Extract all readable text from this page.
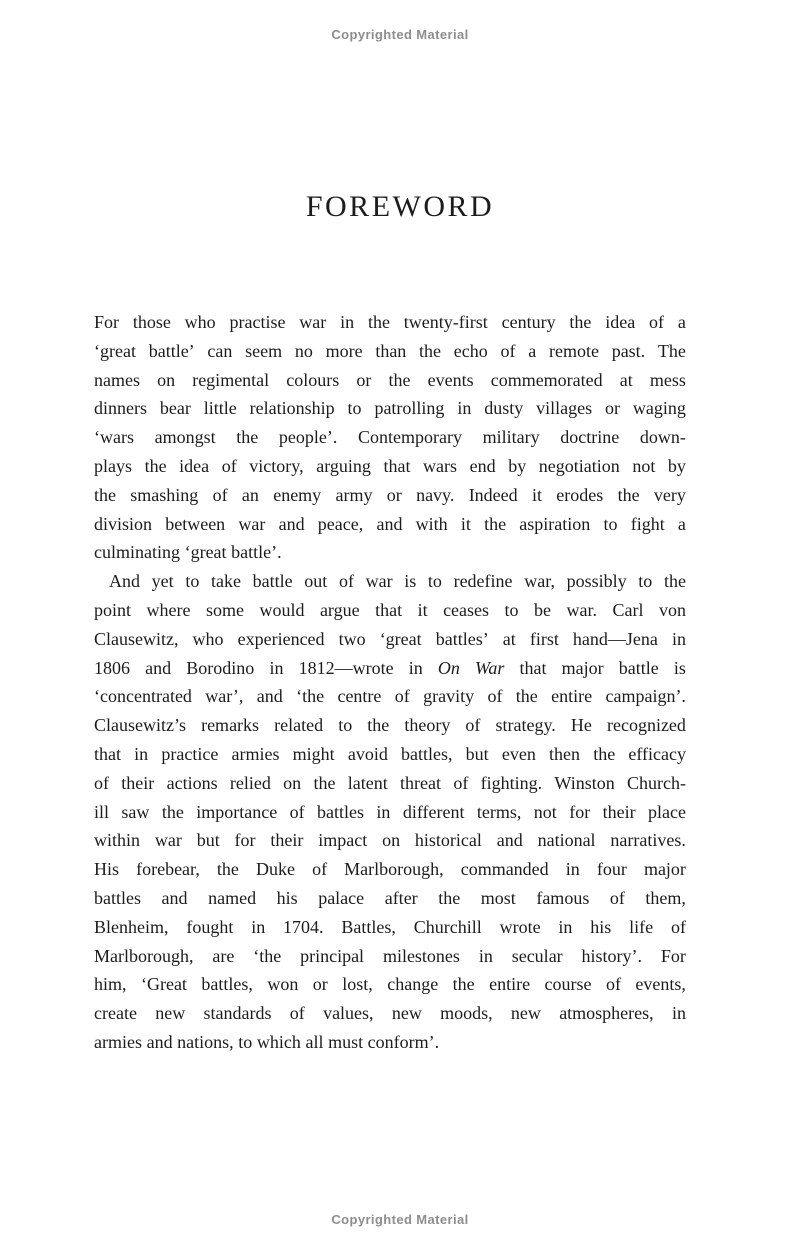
Copyrighted Material
FOREWORD
For those who practise war in the twenty-first century the idea of a
‘great battle’ can seem no more than the echo of a remote past. The
names on regimental colours or the events commemorated at mess
dinners bear little relationship to patrolling in dusty villages or waging
‘wars amongst the people’. Contemporary military doctrine down-
plays the idea of victory, arguing that wars end by negotiation not by
the smashing of an enemy army or navy. Indeed it erodes the very
division between war and peace, and with it the aspiration to fight a
culminating ‘great battle’.
And yet to take battle out of war is to redefine war, possibly to the
point where some would argue that it ceases to be war. Carl von
Clausewitz, who experienced two ‘great battles’ at first hand—Jena in
1806 and Borodino in 1812—wrote in On War that major battle is
‘concentrated war’, and ‘the centre of gravity of the entire campaign’.
Clausewitz’s remarks related to the theory of strategy. He recognized
that in practice armies might avoid battles, but even then the efficacy
of their actions relied on the latent threat of fighting. Winston Church-
ill saw the importance of battles in different terms, not for their place
within war but for their impact on historical and national narratives.
His forebear, the Duke of Marlborough, commanded in four major
battles and named his palace after the most famous of them,
Blenheim, fought in 1704. Battles, Churchill wrote in his life of
Marlborough, are ‘the principal milestones in secular history’. For
him, ‘Great battles, won or lost, change the entire course of events,
create new standards of values, new moods, new atmospheres, in
armies and nations, to which all must conform’.
Copyrighted Material
